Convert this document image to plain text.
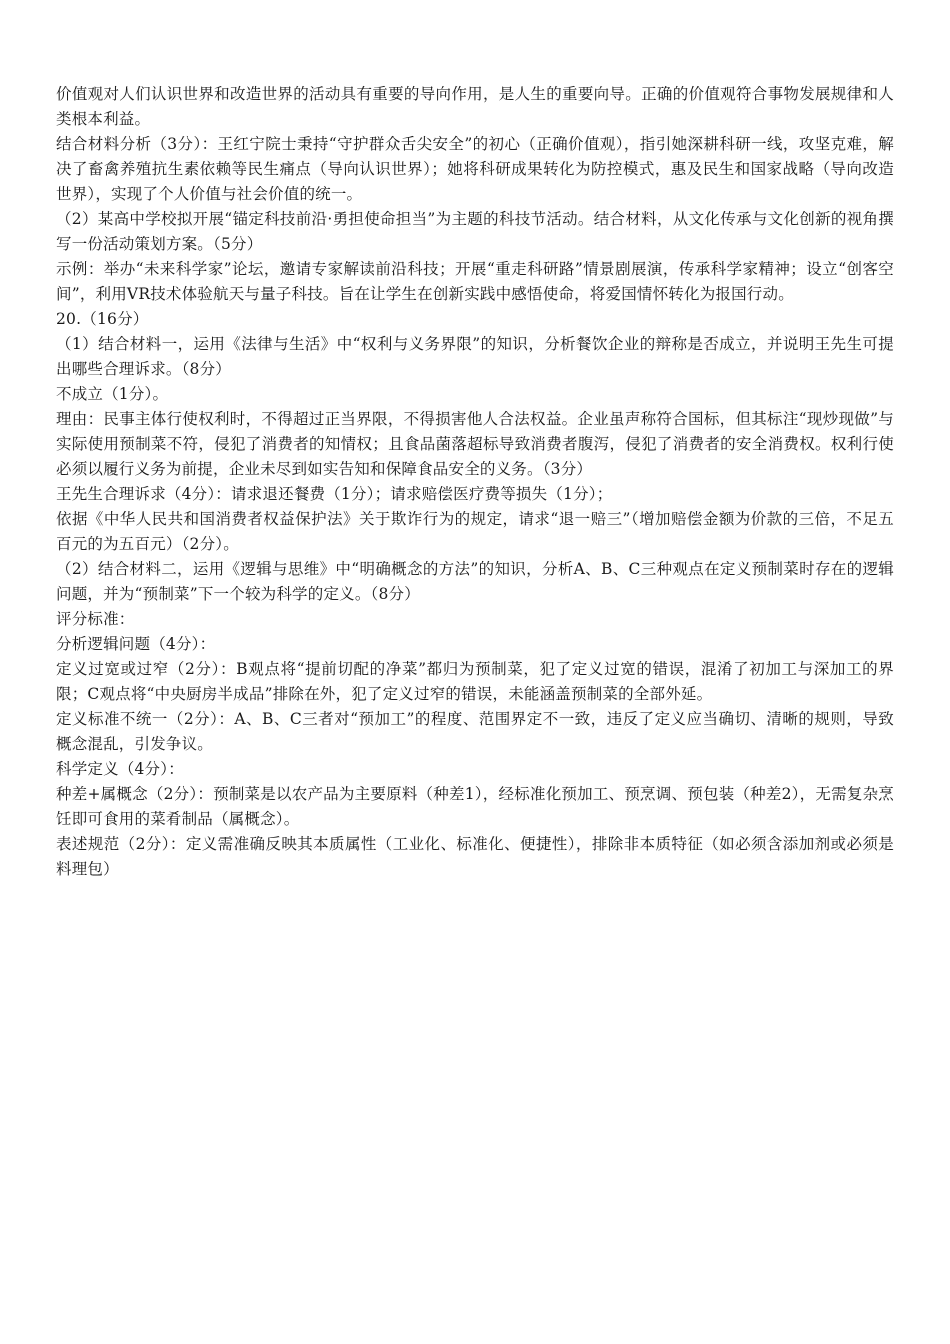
价值观对人们认识世界和改造世界的活动具有重要的导向作用，是人生的重要向导。正确的价值观符合事物发展规律和人类根本利益。

结合材料分析（3分）：王红宁院士秉持“守护群众舌尖安全”的初心（正确价值观），指引她深耕科研一线，攻坚克难，解决了畜禽养殖抗生素依赖等民生痛点（导向认识世界）；她将科研成果转化为防控模式，惠及民生和国家战略（导向改造世界），实现了个人价值与社会价值的统一。

（2）某高中学校拟开展“锚定科技前沿·勇担使命担当”为主题的科技节活动。结合材料，从文化传承与文化创新的视角撰写一份活动策划方案。（5分）

示例：举办“未来科学家”论坛，邀请专家解读前沿科技；开展“重走科研路”情景剧展演，传承科学家精神；设立“创客空间”，利用VR技术体验航天与量子科技。旨在让学生在创新实践中感悟使命，将爱国情怀转化为报国行动。

20.（16分）

（1）结合材料一，运用《法律与生活》中“权利与义务界限”的知识，分析餐饮企业的辩称是否成立，并说明王先生可提出哪些合理诉求。（8分）

不成立（1分）。

理由：民事主体行使权利时，不得超过正当界限，不得损害他人合法权益。企业虽声称符合国标，但其标注“现炒现做”与实际使用预制菜不符，侵犯了消费者的知情权；且食品菌落超标导致消费者腹泻，侵犯了消费者的安全消费权。权利行使必须以履行义务为前提，企业未尽到如实告知和保障食品安全的义务。（3分）

王先生合理诉求（4分）：请求退还餐费（1分）；请求赔偿医疗费等损失（1分）；

依据《中华人民共和国消费者权益保护法》关于欺诈行为的规定，请求“退一赔三”（增加赔偿金额为价款的三倍，不足五百元的为五百元）（2分）。

（2）结合材料二，运用《逻辑与思维》中“明确概念的方法”的知识，分析A、B、C三种观点在定义预制菜时存在的逻辑问题，并为“预制菜”下一个较为科学的定义。（8分）

评分标准：

分析逻辑问题（4分）：

定义过宽或过窄（2分）：B观点将“提前切配的净菜”都归为预制菜，犯了定义过宽的错误，混淆了初加工与深加工的界限；C观点将“中央厨房半成品”排除在外，犯了定义过窄的错误，未能涵盖预制菜的全部外延。

定义标准不统一（2分）：A、B、C三者对“预加工”的程度、范围界定不一致，违反了定义应当确切、清晰的规则，导致概念混乱，引发争议。

科学定义（4分）：

种差+属概念（2分）：预制菜是以农产品为主要原料（种差1），经标准化预加工、预烹调、预包装（种差2），无需复杂烹饪即可食用的菜肴制品（属概念）。

表述规范（2分）：定义需准确反映其本质属性（工业化、标准化、便捷性），排除非本质特征（如必须含添加剂或必须是料理包）
